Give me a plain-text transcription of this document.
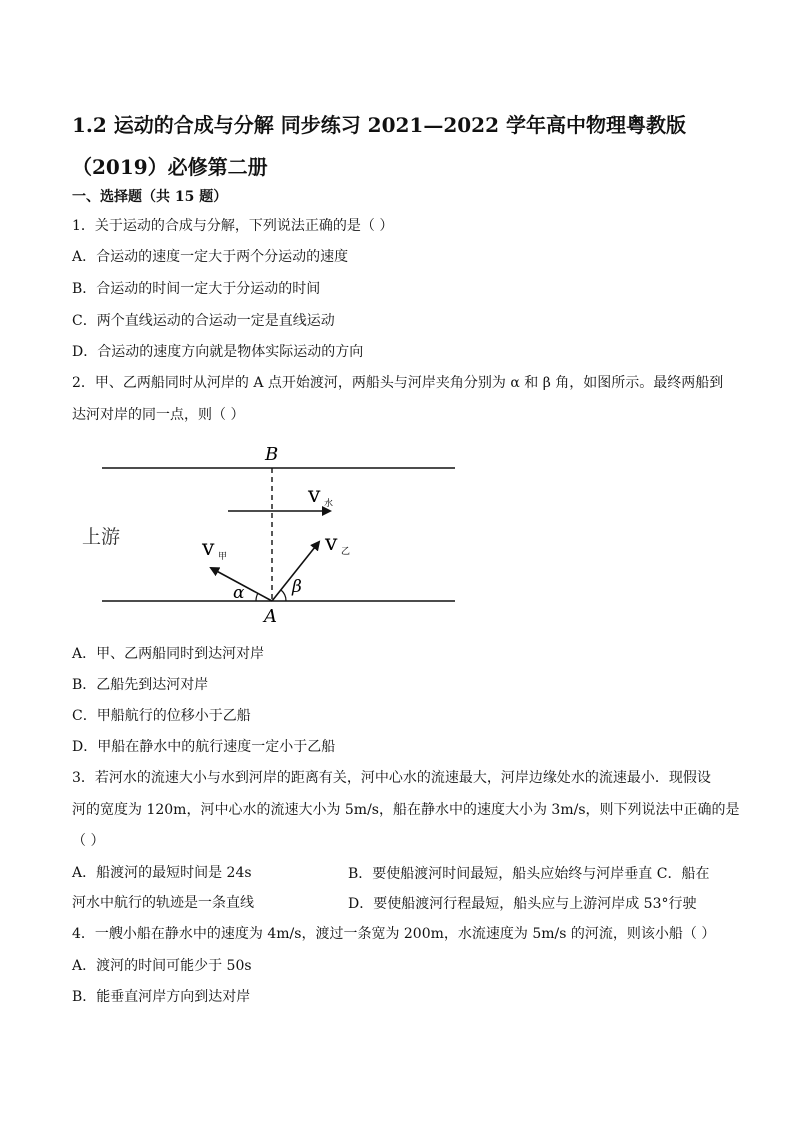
1.2 运动的合成与分解 同步练习 2021—2022 学年高中物理粤教版
（2019）必修第二册
一、选择题（共 15 题）
1．关于运动的合成与分解，下列说法正确的是（ ）
A．合运动的速度一定大于两个分运动的速度
B．合运动的时间一定大于分运动的时间
C．两个直线运动的合运动一定是直线运动
D．合运动的速度方向就是物体实际运动的方向
2．甲、乙两船同时从河岸的 A 点开始渡河，两船头与河岸夹角分别为 α 和 β 角，如图所示。最终两船到
达河对岸的同一点，则（ ）
B
A
上游
v 水
v 甲
v 乙
α	β
A．甲、乙两船同时到达河对岸
B．乙船先到达河对岸
C．甲船航行的位移小于乙船
D．甲船在静水中的航行速度一定小于乙船
3．若河水的流速大小与水到河岸的距离有关，河中心水的流速最大，河岸边缘处水的流速最小．现假设
河的宽度为 120m，河中心水的流速大小为 5m/s，船在静水中的速度大小为 3m/s，则下列说法中正确的是
（ ）
A．船渡河的最短时间是 24s	B．要使船渡河时间最短，船头应始终与河岸垂直 C．船在
河水中航行的轨迹是一条直线	D．要使船渡河行程最短，船头应与上游河岸成 53°行驶
4．一艘小船在静水中的速度为 4m/s，渡过一条宽为 200m，水流速度为 5m/s 的河流，则该小船（ ）
A．渡河的时间可能少于 50s
B．能垂直河岸方向到达对岸
